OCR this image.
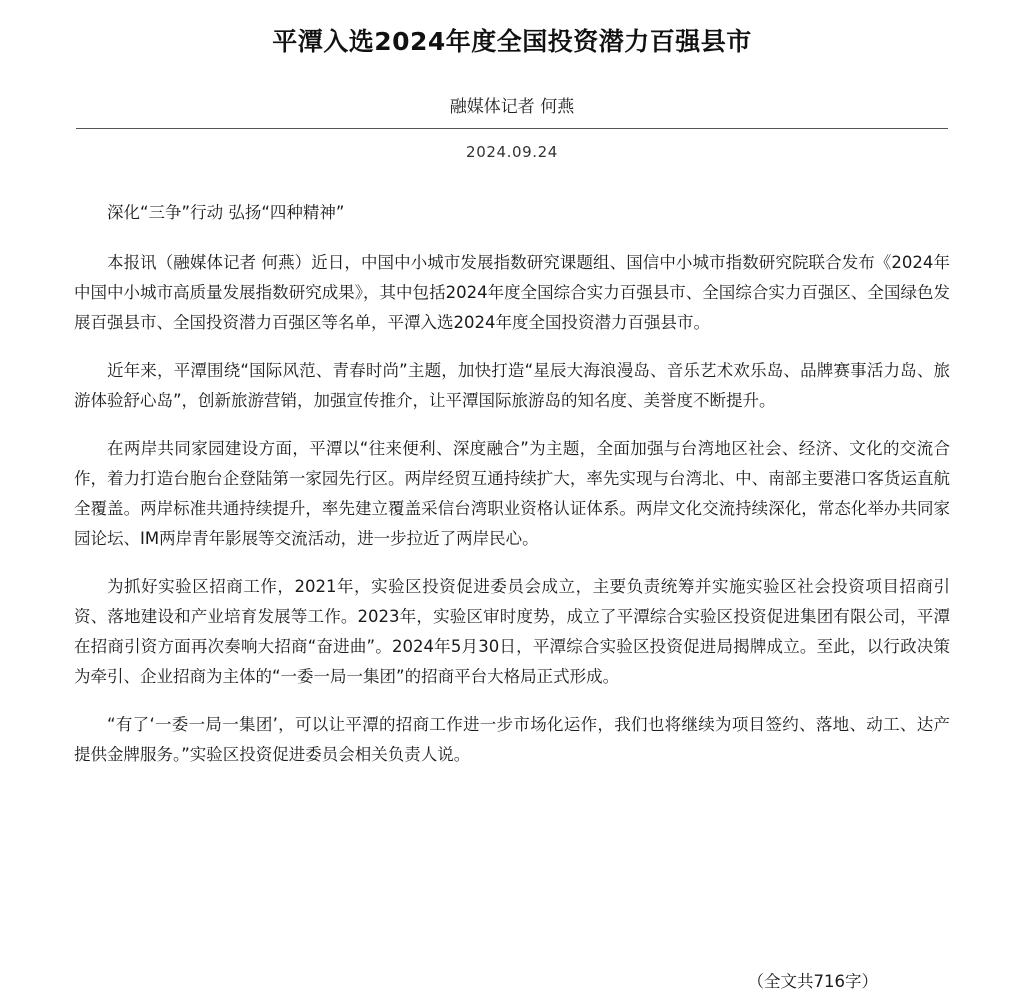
平潭入选2024年度全国投资潜力百强县市
融媒体记者 何燕
2024.09.24

深化“三争”行动 弘扬“四种精神”

本报讯（融媒体记者 何燕）近日，中国中小城市发展指数研究课题组、国信中小城市指数研究院联合发布《2024年中国中小城市高质量发展指数研究成果》，其中包括2024年度全国综合实力百强县市、全国综合实力百强区、全国绿色发展百强县市、全国投资潜力百强区等名单，平潭入选2024年度全国投资潜力百强县市。

近年来，平潭围绕“国际风范、青春时尚”主题，加快打造“星辰大海浪漫岛、音乐艺术欢乐岛、品牌赛事活力岛、旅游体验舒心岛”，创新旅游营销，加强宣传推介，让平潭国际旅游岛的知名度、美誉度不断提升。

在两岸共同家园建设方面，平潭以“往来便利、深度融合”为主题，全面加强与台湾地区社会、经济、文化的交流合作，着力打造台胞台企登陆第一家园先行区。两岸经贸互通持续扩大，率先实现与台湾北、中、南部主要港口客货运直航全覆盖。两岸标准共通持续提升，率先建立覆盖采信台湾职业资格认证体系。两岸文化交流持续深化，常态化举办共同家园论坛、IM两岸青年影展等交流活动，进一步拉近了两岸民心。

为抓好实验区招商工作，2021年，实验区投资促进委员会成立，主要负责统筹并实施实验区社会投资项目招商引资、落地建设和产业培育发展等工作。2023年，实验区审时度势，成立了平潭综合实验区投资促进集团有限公司，平潭在招商引资方面再次奏响大招商“奋进曲”。2024年5月30日，平潭综合实验区投资促进局揭牌成立。至此，以行政决策为牵引、企业招商为主体的“一委一局一集团”的招商平台大格局正式形成。

“有了‘一委一局一集团’，可以让平潭的招商工作进一步市场化运作，我们也将继续为项目签约、落地、动工、达产提供金牌服务。”实验区投资促进委员会相关负责人说。

（全文共716字）
